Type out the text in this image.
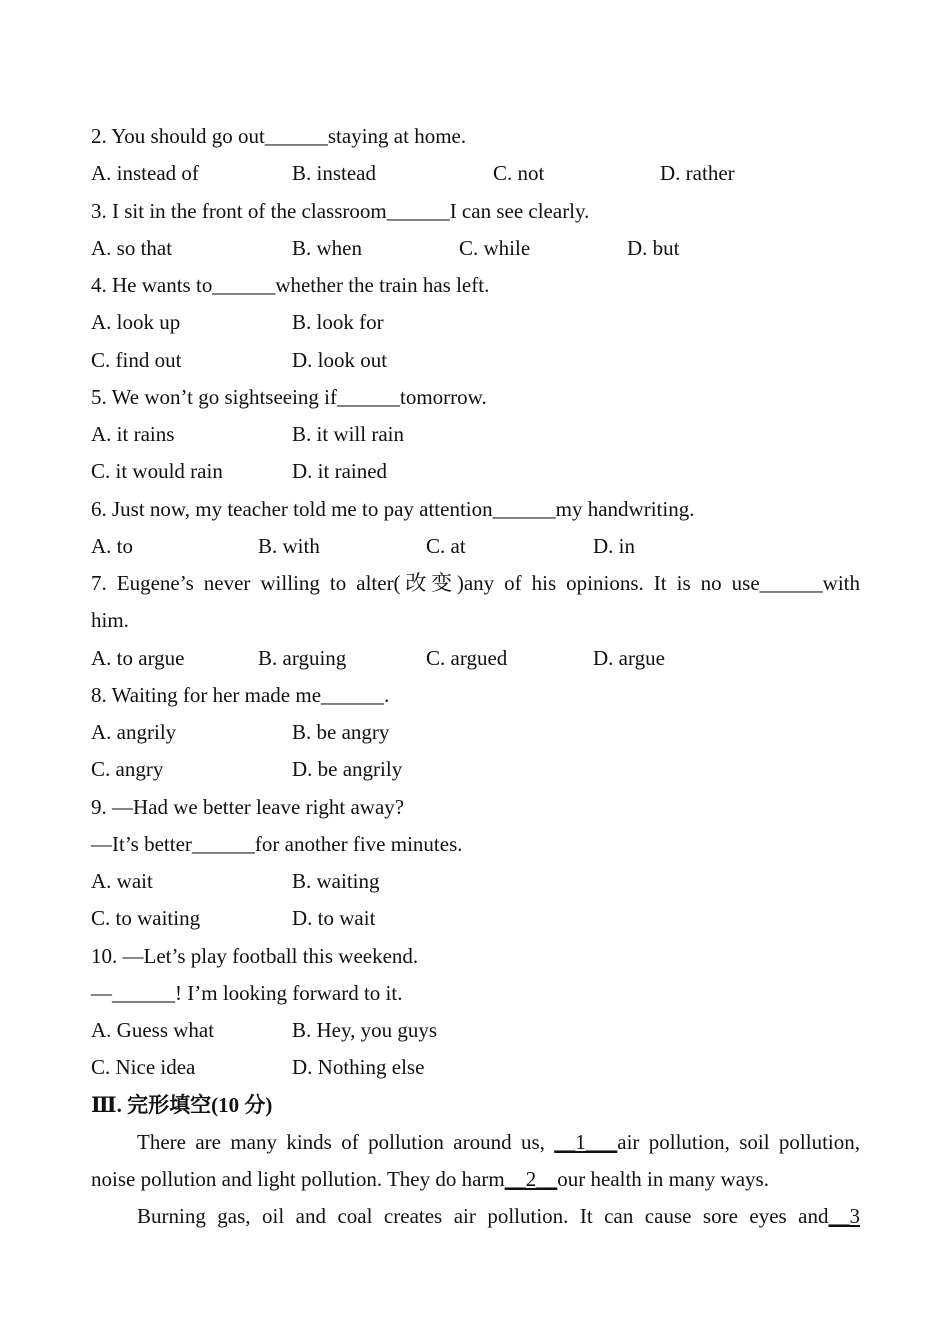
2. You should go out______staying at home.
A. instead of	B. instead	C. not	D. rather
3. I sit in the front of the classroom______I can see clearly.
A. so that	B. when	C. while	D. but
4. He wants to______whether the train has left.
A. look up	B. look for
C. find out	D. look out
5. We won’t go sightseeing if______tomorrow.
A. it rains	B. it will rain
C. it would rain	D. it rained
6. Just now, my teacher told me to pay attention______my handwriting.
A. to	B. with	C. at	D. in
7. Eugene’s never willing to alter(改变)any of his opinions. It is no use______with
him.
A. to argue	B. arguing	C. argued	D. argue
8. Waiting for her made me______.
A. angrily	B. be angry
C. angry	D. be angrily
9. —Had we better leave right away?
—It’s better______for another five minutes.
A. wait	B. waiting
C. to waiting	D. to wait
10. —Let’s play football this weekend.
—______! I’m looking forward to it.
A. Guess what	B. Hey, you guys
C. Nice idea	D. Nothing else
Ⅲ. 完形填空(10 分)
There are many kinds of pollution around us, __1___air pollution, soil pollution,
noise pollution and light pollution. They do harm__2__our health in many ways.
Burning gas, oil and coal creates air pollution. It can cause sore eyes and__3
